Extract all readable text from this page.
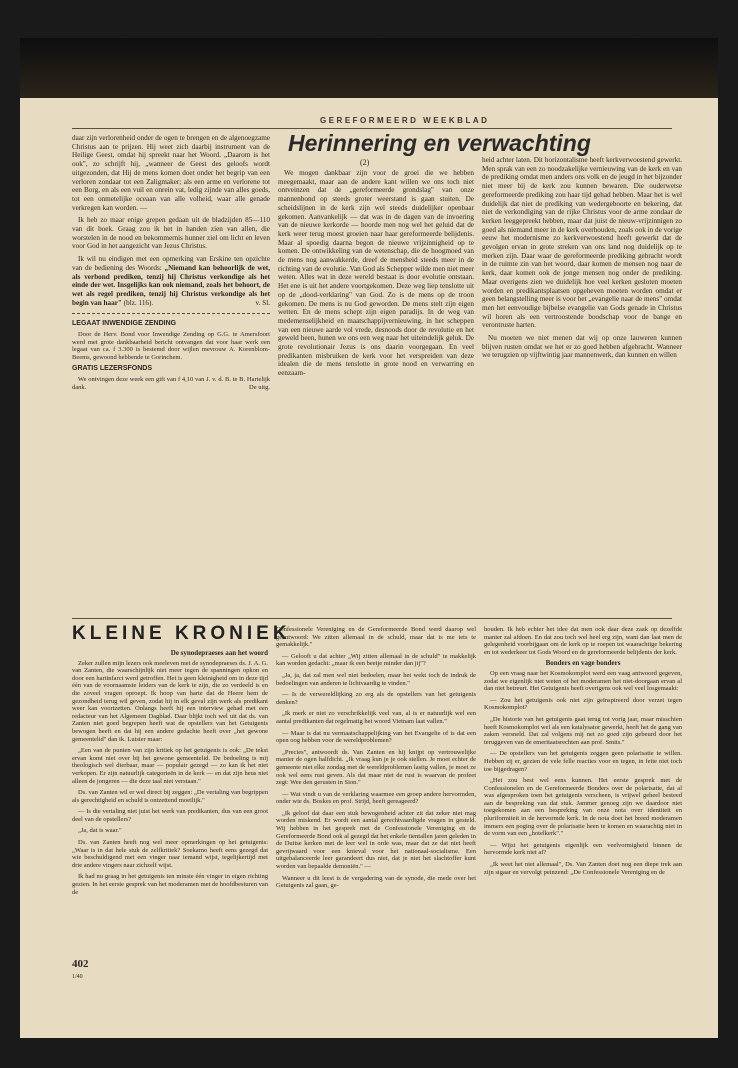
GEREFORMEERD WEEKBLAD

daar zijn verlorenheid onder de ogen te brengen en de algenoegzame Christus aan te prijzen. Hij weet zich daarbij instrument van de Heilige Geest, omdat hij spreekt naar het Woord. „Daarom is het ook", zo schrijft hij, „wanneer de Geest des geloofs wordt uitgezonden, dat Hij de mens komen doet onder het begrip van een verloren zondaar tot een Zaligmaker; als een arme en verlorene tot een Borg, en als een vuil en onrein vat, ledig zijnde van alles goeds, tot een onmetelijke oceaan van alle volheid, waar alle genade verkregen kan worden. —

Ik heb zo maar enige grepen gedaan uit de bladzijden 85—110 van dit boek. Graag zou ik het in handen zien van allen, die worstelen in de nood en bekommernis hunner ziel om licht en leven voor God in het aangezicht van Jezus Christus.

Ik wil nu eindigen met een opmerking van Erskine ten opzichte van de bediening des Woords: „Niemand kan behoorlijk de wet, als verbond prediken, tenzij hij Christus verkondige als het einde der wet. Insgelijks kan ook niemand, zoals het behoort, de wet als regel prediken, tenzij hij Christus verkondige als het begin van haar" (blz. 116).	v. Sl.

LEGAAT INWENDIGE ZENDING

Door de Herv. Bond voor Inwendige Zending op G.G. te Amersfoort werd met grote dankbaarheid bericht ontvangen dat voor haar werk een legaat van ca. f 3.300 is bestemd door wijlen mevrouw A. Korenblom-Beems, gewoond hebbende te Gorinchem.

GRATIS LEZERSFONDS

We ontvingen deze week een gift van f 4,10 van J. v. d. B. te B. Hartelijk dank.	De uitg.

Herinnering en verwachting
(2)

We mogen dankbaar zijn voor de groei die we hebben meegemaakt, maar aan de andere kant willen we ons toch niet ontveinzen dat de „gereformeerde grondslag" van onze mannenbond op steeds groter weerstand is gaan stuiten. De scheidslijnen in de kerk zijn wel steeds duidelijker openbaar gekomen. Aanvankelijk — dat was in de dagen van de invoering van de nieuwe kerkorde — hoorde men nog wel het geluid dat de kerk weer terug moest groeien naar haar gereformeerde belijdenis. Maar al spoedig daarna begon de nieuwe vrijzinnigheid op te komen. De ontwikkeling van de wetenschap, die de hoogmoed van de mens nog aanwakkerde, dreef de mensheid steeds meer in de richting van de evolutie. Van God als Schepper wilde men niet meer weten. Alles wat in deze wereld bestaat is door evolutie ontstaan. Het ene is uit het andere voortgekomen. Deze weg liep tenslotte uit op de „dood-verklaring" van God. Zo is de mens op de troon gekomen. De mens is nu God geworden. De mens stelt zijn eigen wetten. En de mens schept zijn eigen paradijs. In de weg van medemenselijkheid en maatschappijvernieuwing, in het scheppen van een nieuwe aarde vol vrede, desnoods door de revolutie en het geweld heen, hunen we ons een weg naar het uiteindelijk geluk. De grote revolutionair Jezus is ons daarin voorgegaan. En veel predikanten misbruiken de kerk voor het verspreiden van deze idealen die de mens tenslotte in grote nood en verwarring en eenzaam-

heid achter laten. Dit horizontalisme heeft kerkverwoestend gewerkt. Men sprak van een zo noodzakelijke vernieuwing van de kerk en van de prediking omdat men anders ons volk en de jeugd in het bijzonder niet meer bij de kerk zou kunnen bewaren. Die ouderwetse gereformeerde prediking zou haar tijd gehad hebben. Maar het is wel duidelijk dat niet de prediking van wedergeboorte en bekering, dat niet de verkondiging van de rijke Christus voor de arme zondaar de kerken leeggepreekt hebben, maar dat juist de nieuw-vrijzinnigen zo goed als niemand meer in de kerk overhouden, zoals ook in de vorige eeuw het modernisme zo kerkverwoestend heeft gewerkt dat de gevolgen ervan in grote streken van ons land nog duidelijk op te merken zijn. Daar waar de gereformeerde prediking gebracht wordt in de ruimte zin van het woord, daar komen de mensen nog naar de kerk, daar komen ook de jonge mensen nog onder de prediking. Maar overigens zien we duidelijk hoe veel kerken gesloten moeten worden en predikantsplaatsen opgeheven moeten worden omdat er geen belangstelling meer is voor het „evangelie naar de mens" omdat men het eenvoudige bijbelse evangelie van Gods genade in Christus wil horen als een vertroostende boodschap voor de bange en verontruste harten.

Nu moeten we niet menen dat wij op onze lauweren kunnen blijven rusten omdat we het er zo goed hebben afgebracht. Wanneer we terugzien op vijftwintig jaar mannenwerk, dan kunnen en willen

KLEINE KRONIEK
De synodepraeses aan het woord

Zeker zullen mijn lezers ook meeleven met de synodepraeses ds. J. A. G. van Zanten, die waarschijnlijk niet meer tegen de spanningen opkon en door een hartinfarct werd getroffen. Het is geen kleinigheid om in deze tijd één van de voornaamste leiders van de kerk te zijn, die zo verdeeld is en die zoveel vragen oproept. Ik hoop van harte dat de Heere hem de gezondheid terug wil geven, zodat hij in elk geval zijn werk als predikant weer kan voortzetten. Onlangs heeft hij een interview gehad met een redacteur van het Algemeen Dagblad. Daar blijkt toch wel uit dat ds. van Zanten niet goed begrepen heeft wat de opstellers van het Getuigenis bewogen heeft en dat hij een andere gedachte heeft over „het gewone gemeentelid" dan ik. Luister maar:

„Een van de punten van zijn kritiek op het getuigenis is ook: „De tekst ervan komt niet over bij het gewone gemeentelid. De bedoeling is mij theologisch wel dierbaar, maar — populair gezegd — zo kan ik het niet verkopen. Er zijn natuurlijk categorieën in de kerk — en dat zijn heus niet alleen de jongeren — die deze taal niet verstaan."

Ds. van Zanten wil er wel direct bij zeggen: „De vertaling van begrippen als gerechtigheid en schuld is ontzettend moeilijk."

— Is die vertaling niet juist het werk van predikanten, dus van een groot deel van de opstellers?

„Ja, dat is waar."

Ds. van Zanten heeft nog wel meer opmerkingen op het getuigenis: „Waar is in dat hele stuk de zelfkritiek? Soekarno heeft eens gezegd dat wie beschuldigend met een vinger naar iemand wijst, tegelijkertijd met drie andere vingers naar zichzelf wijst.

Ik had nu graag in het getuigenis ten minste één vinger in eigen richting gezien. In het eerste gesprek van het moderamen met de hoofdbesturen van de

Confessionele Vereniging en de Gereformeerde Bond werd daarop wel geantwoord: We zitten allemaal in de schuld, maar dat is me iets te gemakkelijk."

— Gelooft u dat achter „Wij zitten allemaal in de schuld" te makkelijk kan worden gedacht: „maar ik een beetje minder dan jij"?

„Ja, ja, dat zal men wel niet bedoelen, maar het wekt toch de indruk de bedoelingen van anderen te lichtvaardig te vinden."

— Is de verwereldlijking zo erg als de opstellers van het getuigenis denken?

„Ik merk er niet zo verschrikkelijk veel van, al is er natuurlijk wel een aantal predikanten dat regelmatig het woord Vietnam laat vallen."

— Maar is dat nu vermaatschappelijking van het Evangelie of is dat een open oog hebben voor de wereldproblemen?

„Precies", antwoordt ds. Van Zanten en hij knijpt op vertrouwelijke manier de ogen halfdicht. „Ik vraag kun je je ook stellen. Je moet echter de gemeente niet elke zondag met de wereldproblemen lastig vallen, je moet ze ook wel eens rust geven. Als dat maar niet de rust is waarvan de profeet zegt: Wee den gerusten in Sion."

— Wat vindt u van de verklaring waarmee een groep andere hervormden, onder wie ds. Boskes en prof. Strijd, heeft gereageerd?

„Ik geloof dat daar een stuk bewogenheid achter zit dat zeker niet mag worden miskend. Er wordt een aantal gerechtvaardigde vragen in gesteld. Wij hebben in het gesprek met de Confessionele Vereniging en de Gereformeerde Bond ook al gezegd dat het enkele tientallen jaren geleden in de Duitse kerken met de leer wel in orde was, maar dat ze dat niet heeft gevrijwaard voor een knieval voor het nationaal-socialisme. Een uitgebalanceerde leer garandeert dus niet, dat je niet het slachtoffer kunt worden van bepaalde demoniën." —

Wanneer u dit leest is de vergadering van de synode, die mede over het Getuigenis zal gaan, ge-

houden. Ik heb echter het idee dat men ook daar deze zaak op dezelfde manier zal afdoen. En dat zou toch wel heel erg zijn, want dan laat men de gelegenheid voorbijgaan om de kerk op te roepen tot waarachtige bekering en tot wederkeer tot Gods Woord en de gereformeerde belijdenis der kerk.

Bonders en vage bonders

Op een vraag naar het Kosmokomplot werd een vaag antwoord gegeven, zodat we eigenlijk niet weten of het moderamen het niet-doorgaan ervan al dan niet betreurt. Het Getuigenis heeft overigens ook wel veel losgemaakt:

— Zou het getuigenis ook niet zijn geïnspireerd door verzet tegen Kosmokomplot?

„De historie van het getuigenis gaat terug tot vorig jaar, maar misschien heeft Kosmokomplot wel als een katalysator gewerkt, heeft het de gang van zaken versneld. Dat zal volgens mij net zo goed zijn gebeurd door het teruggeven van de emeritaatsrechten aan prof. Smits."

— De opstellers van het getuigenis zeggen geen polarisatie te willen. Hebben zij er, gezien de vele felle reacties voor en tegen, in feite niet toch toe bijgedragen?

„Het zou best wel eens kunnen. Het eerste gesprek met de Confessionelen en de Gereformeerde Bonders over de polarisatie, dat al was afgesproken toen het getuigenis verscheen, is vrijwel geheel besteed aan de bespreking van dat stuk. Jammer genoeg zijn we daardoor niet toegekomen aan een bespreking van onze nota over identiteit en pluriformiteit in de hervormde kerk. In de nota doet het breed moderamen immers een poging over de polarisatie heen te komen en waarachtig niet in de vorm van een „hotelkerk"."

— Wijst het getuigenis eigenlijk een veelvormigheid binnen de hervormde kerk niet af?

„Ik weet het niet allemaal", Ds. Van Zanten doet nog een diepe trek aan zijn sigaar en vervolgt peinzend: „De Confessionele Vereniging en de

402
1/40
